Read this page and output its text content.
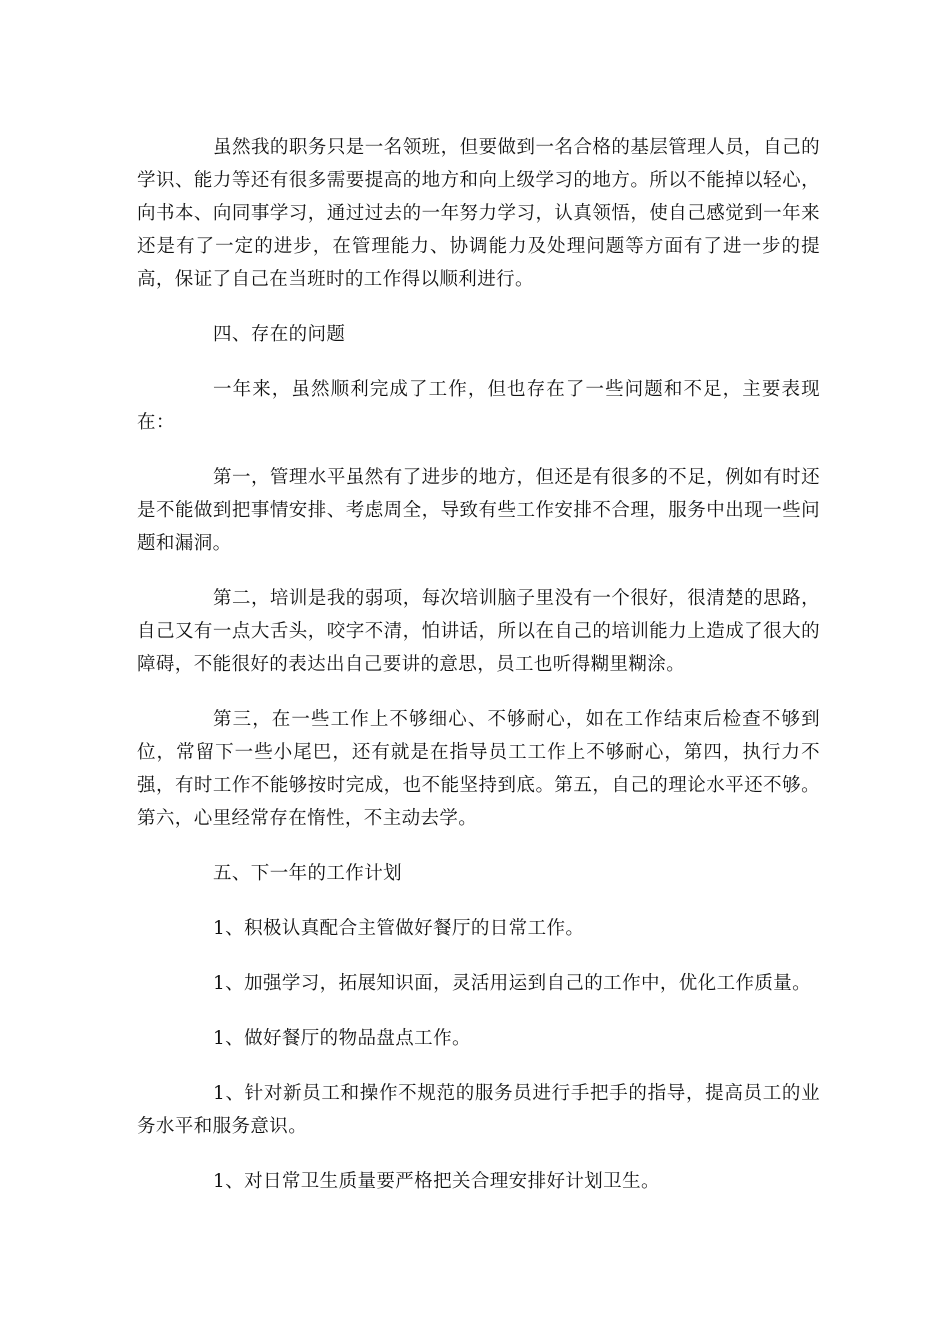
虽然我的职务只是一名领班，但要做到一名合格的基层管理人员，自己的学识、能力等还有很多需要提高的地方和向上级学习的地方。所以不能掉以轻心，向书本、向同事学习，通过过去的一年努力学习，认真领悟，使自己感觉到一年来还是有了一定的进步，在管理能力、协调能力及处理问题等方面有了进一步的提高，保证了自己在当班时的工作得以顺利进行。

四、存在的问题

一年来，虽然顺利完成了工作，但也存在了一些问题和不足，主要表现在：

第一，管理水平虽然有了进步的地方，但还是有很多的不足，例如有时还是不能做到把事情安排、考虑周全，导致有些工作安排不合理，服务中出现一些问题和漏洞。

第二，培训是我的弱项，每次培训脑子里没有一个很好，很清楚的思路，自己又有一点大舌头，咬字不清，怕讲话，所以在自己的培训能力上造成了很大的障碍，不能很好的表达出自己要讲的意思，员工也听得糊里糊涂。

第三，在一些工作上不够细心、不够耐心，如在工作结束后检查不够到位，常留下一些小尾巴，还有就是在指导员工工作上不够耐心，第四，执行力不强，有时工作不能够按时完成，也不能坚持到底。第五，自己的理论水平还不够。第六，心里经常存在惰性，不主动去学。

五、下一年的工作计划

1、积极认真配合主管做好餐厅的日常工作。

1、加强学习，拓展知识面，灵活用运到自己的工作中，优化工作质量。

1、做好餐厅的物品盘点工作。

1、针对新员工和操作不规范的服务员进行手把手的指导，提高员工的业务水平和服务意识。

1、对日常卫生质量要严格把关合理安排好计划卫生。
